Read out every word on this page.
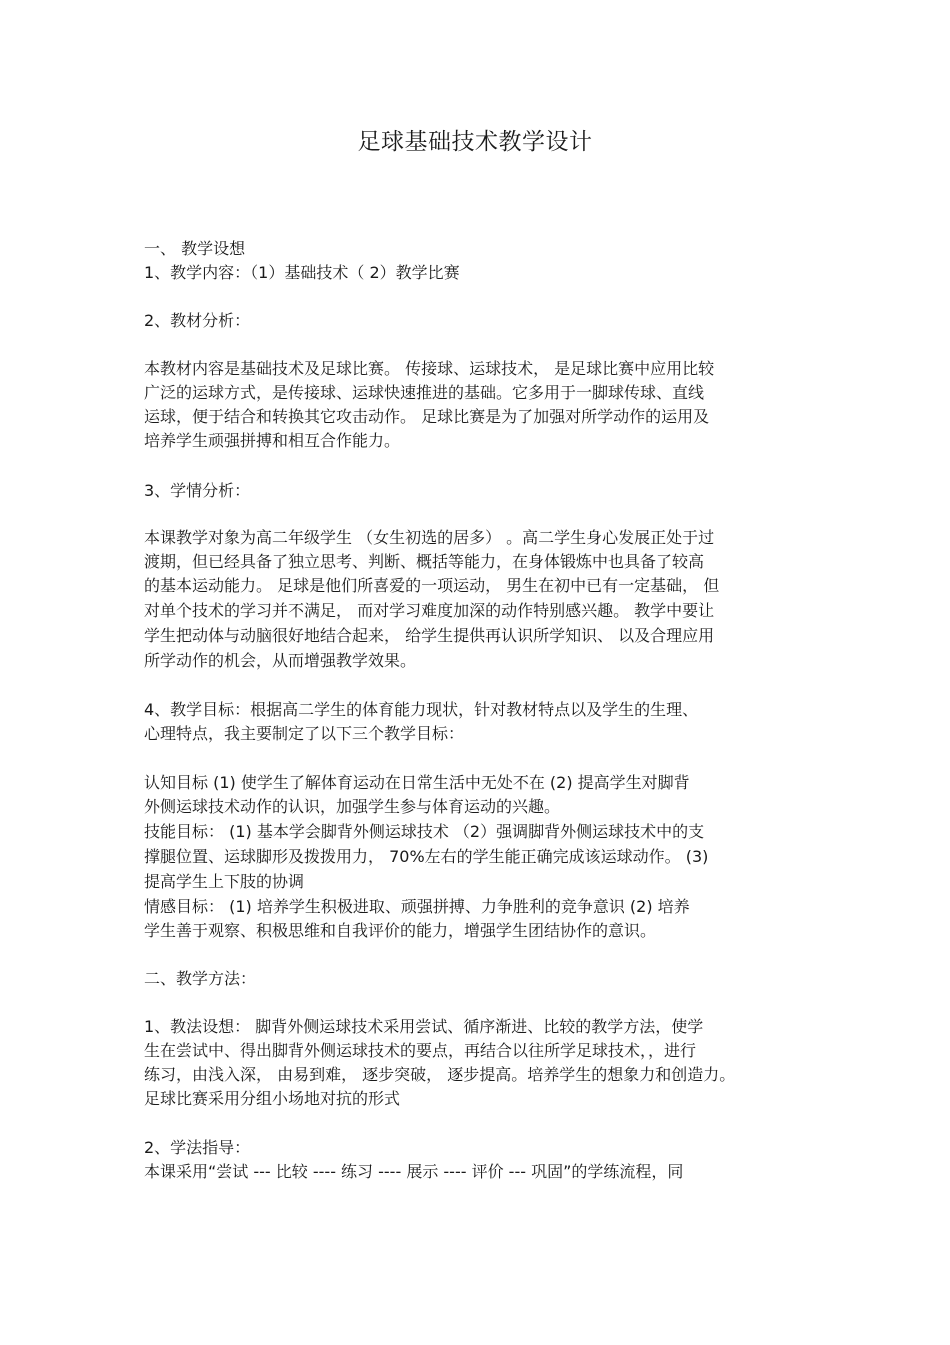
足球基础技术教学设计
一、 教学设想
1、教学内容：（1）基础技术（ 2）教学比赛
2、教材分析：
本教材内容是基础技术及足球比赛。 传接球、运球技术， 是足球比赛中应用比较
广泛的运球方式，是传接球、运球快速推进的基础。它多用于一脚球传球、直线
运球，便于结合和转换其它攻击动作。 足球比赛是为了加强对所学动作的运用及
培养学生顽强拼搏和相互合作能力。
3、学情分析：
本课教学对象为高二年级学生 （女生初选的居多） 。高二学生身心发展正处于过
渡期，但已经具备了独立思考、判断、概括等能力，在身体锻炼中也具备了较高
的基本运动能力。 足球是他们所喜爱的一项运动， 男生在初中已有一定基础， 但
对单个技术的学习并不满足， 而对学习难度加深的动作特别感兴趣。 教学中要让
学生把动体与动脑很好地结合起来， 给学生提供再认识所学知识、 以及合理应用
所学动作的机会，从而增强教学效果。
4、教学目标：根据高二学生的体育能力现状，针对教材特点以及学生的生理、
心理特点，我主要制定了以下三个教学目标：
认知目标 (1) 使学生了解体育运动在日常生活中无处不在 (2) 提高学生对脚背
外侧运球技术动作的认识，加强学生参与体育运动的兴趣。
技能目标： (1) 基本学会脚背外侧运球技术 （2）强调脚背外侧运球技术中的支
撑腿位置、运球脚形及拨拨用力， 70%左右的学生能正确完成该运球动作。 (3)
提高学生上下肢的协调
情感目标： (1) 培养学生积极进取、顽强拼搏、力争胜利的竞争意识 (2) 培养
学生善于观察、积极思维和自我评价的能力，增强学生团结协作的意识。
二、教学方法：
1、教法设想： 脚背外侧运球技术采用尝试、循序渐进、比较的教学方法，使学
生在尝试中、得出脚背外侧运球技术的要点，再结合以往所学足球技术，，进行
练习，由浅入深， 由易到难， 逐步突破， 逐步提高。培养学生的想象力和创造力。
足球比赛采用分组小场地对抗的形式
2、学法指导：
本课采用“尝试 --- 比较 ---- 练习 ---- 展示 ---- 评价 --- 巩固”的学练流程，同
